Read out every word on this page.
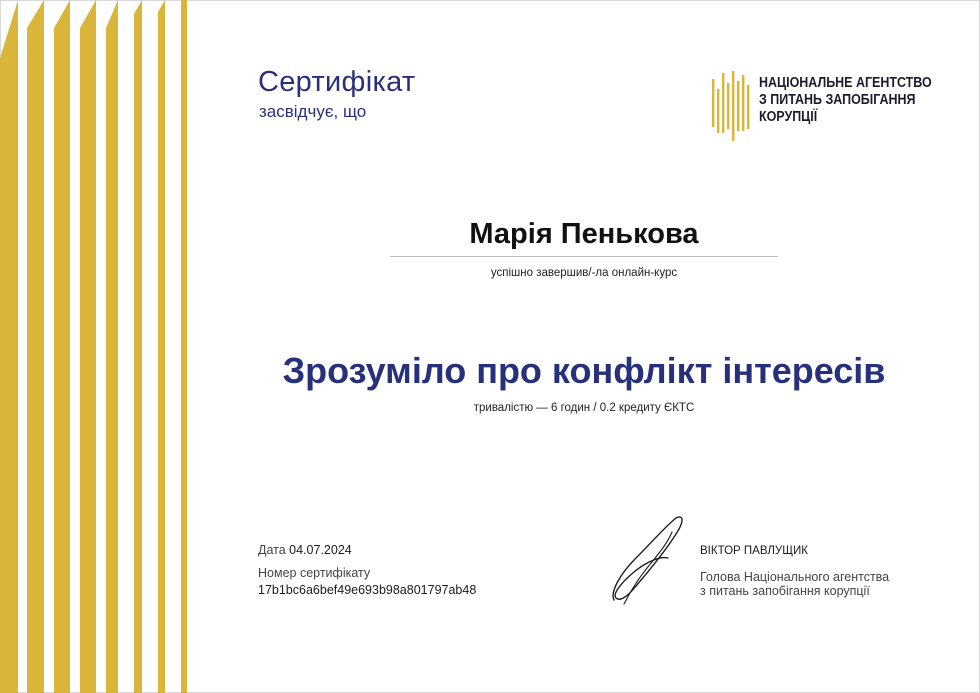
Сертифікат
засвідчує, що
НАЦІОНАЛЬНЕ АГЕНТСТВО
З ПИТАНЬ ЗАПОБІГАННЯ
КОРУПЦІЇ
Марія Пенькова
успішно завершив/-ла онлайн-курс
Зрозуміло про конфлікт інтересів
тривалістю — 6 годин / 0.2 кредиту ЄКТС
Дата 04.07.2024
Номер сертифікату
17b1bc6a6bef49e693b98a801797ab48
ВІКТОР ПАВЛУЩИК
Голова Національного агентства
з питань запобігання корупції
